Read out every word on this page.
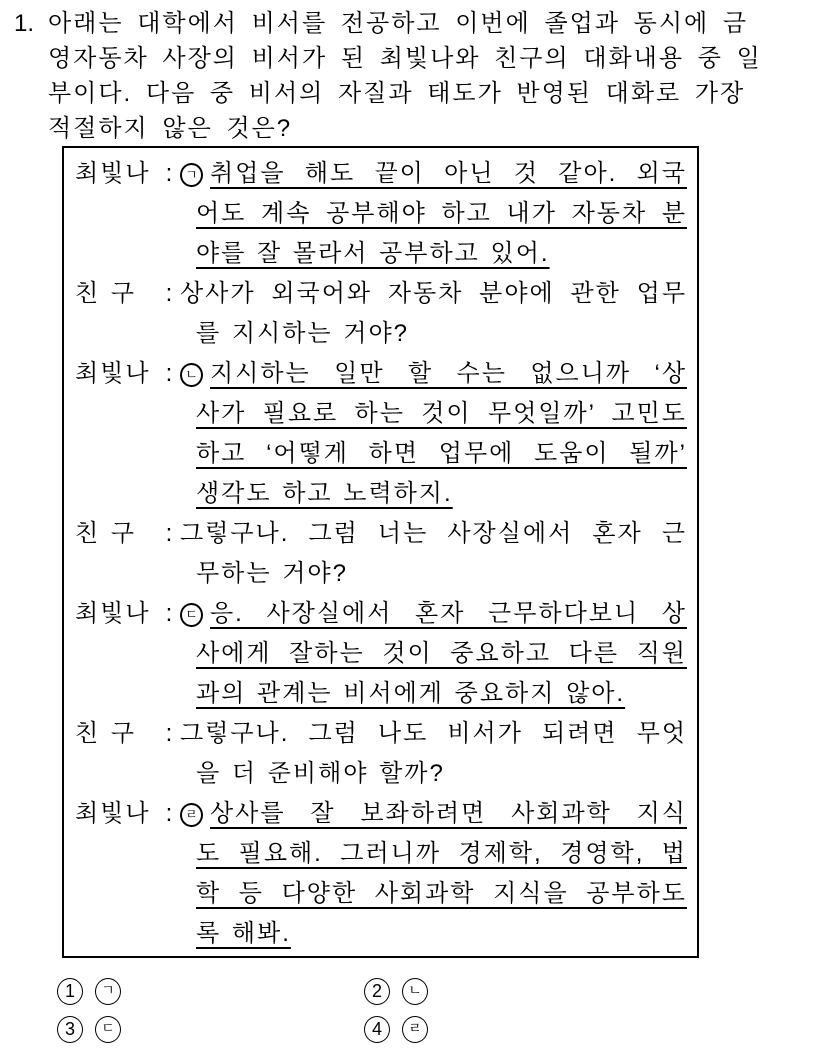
1. 아래는 대학에서 비서를 전공하고 이번에 졸업과 동시에 금
영자동차 사장의 비서가 된 최빛나와 친구의 대화내용 중 일
부이다. 다음 중 비서의 자질과 태도가 반영된 대화로 가장
적절하지 않은 것은?
최빛나 : ㄱ 취업을 해도 끝이 아닌 것 같아. 외국
어도 계속 공부해야 하고 내가 자동차 분
야를 잘 몰라서 공부하고 있어.
친 구	: 상사가 외국어와 자동차 분야에 관한 업무
를 지시하는 거야?
최빛나 : ㄴ 지시하는 일만 할 수는 없으니까 ‘상
사가 필요로 하는 것이 무엇일까’ 고민도
하고 ‘어떻게 하면 업무에 도움이 될까’
생각도 하고 노력하지.
친 구	: 그렇구나. 그럼 너는 사장실에서 혼자 근
무하는 거야?
최빛나 : ㄷ 응. 사장실에서 혼자 근무하다보니 상
사에게 잘하는 것이 중요하고 다른 직원
과의 관계는 비서에게 중요하지 않아.
친 구	: 그렇구나. 그럼 나도 비서가 되려면 무엇
을 더 준비해야 할까?
최빛나 : ㄹ 상사를 잘 보좌하려면 사회과학 지식
도 필요해. 그러니까 경제학, 경영학, 법
학 등 다양한 사회과학 지식을 공부하도
록 해봐.
1	ㄱ	2	ㄴ
3	ㄷ	4	ㄹ
